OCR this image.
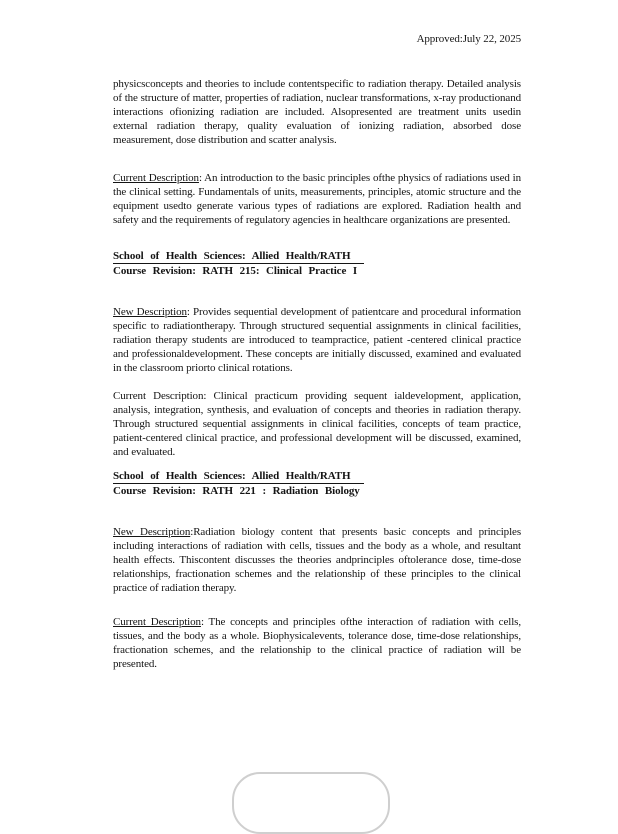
Approved:July 22, 2025

physicsconcepts and theories to include contentspecific to radiation therapy. Detailed analysis of the structure of matter, properties of radiation, nuclear transformations, x-ray productionand interactions ofionizing radiation are included. Alsopresented are treatment units usedin external radiation therapy, quality evaluation of ionizing radiation, absorbed dose measurement, dose distribution and scatter analysis.

Current Description: An introduction to the basic principles ofthe physics of radiations used in the clinical setting. Fundamentals of units, measurements, principles, atomic structure and the equipment usedto generate various types of radiations are explored. Radiation health and safety and the requirements of regulatory agencies in healthcare organizations are presented.

School of Health Sciences: Allied Health/RATH
Course Revision: RATH 215: Clinical Practice I

New Description: Provides sequential development of patientcare and procedural information specific to radiationtherapy. Through structured sequential assignments in clinical facilities, radiation therapy students are introduced to teampractice, patient -centered clinical practice and professionaldevelopment. These concepts are initially discussed, examined and evaluated in the classroom priorto clinical rotations.

Current Description: Clinical practicum providing sequent ialdevelopment, application, analysis, integration, synthesis, and evaluation of concepts and theories in radiation therapy. Through structured sequential assignments in clinical facilities, concepts of team practice, patient-centered clinical practice, and professional development will be discussed, examined, and evaluated.

School of Health Sciences: Allied Health/RATH
Course Revision: RATH 221 : Radiation Biology

New Description:Radiation biology content that presents basic concepts and principles including interactions of radiation with cells, tissues and the body as a whole, and resultant health effects. Thiscontent discusses the theories andprinciples oftolerance dose, time-dose relationships, fractionation schemes and the relationship of these principles to the clinical practice of radiation therapy.

Current Description: The concepts and principles ofthe interaction of radiation with cells, tissues, and the body as a whole. Biophysicalevents, tolerance dose, time-dose relationships, fractionation schemes, and the relationship to the clinical practice of radiation will be presented.
